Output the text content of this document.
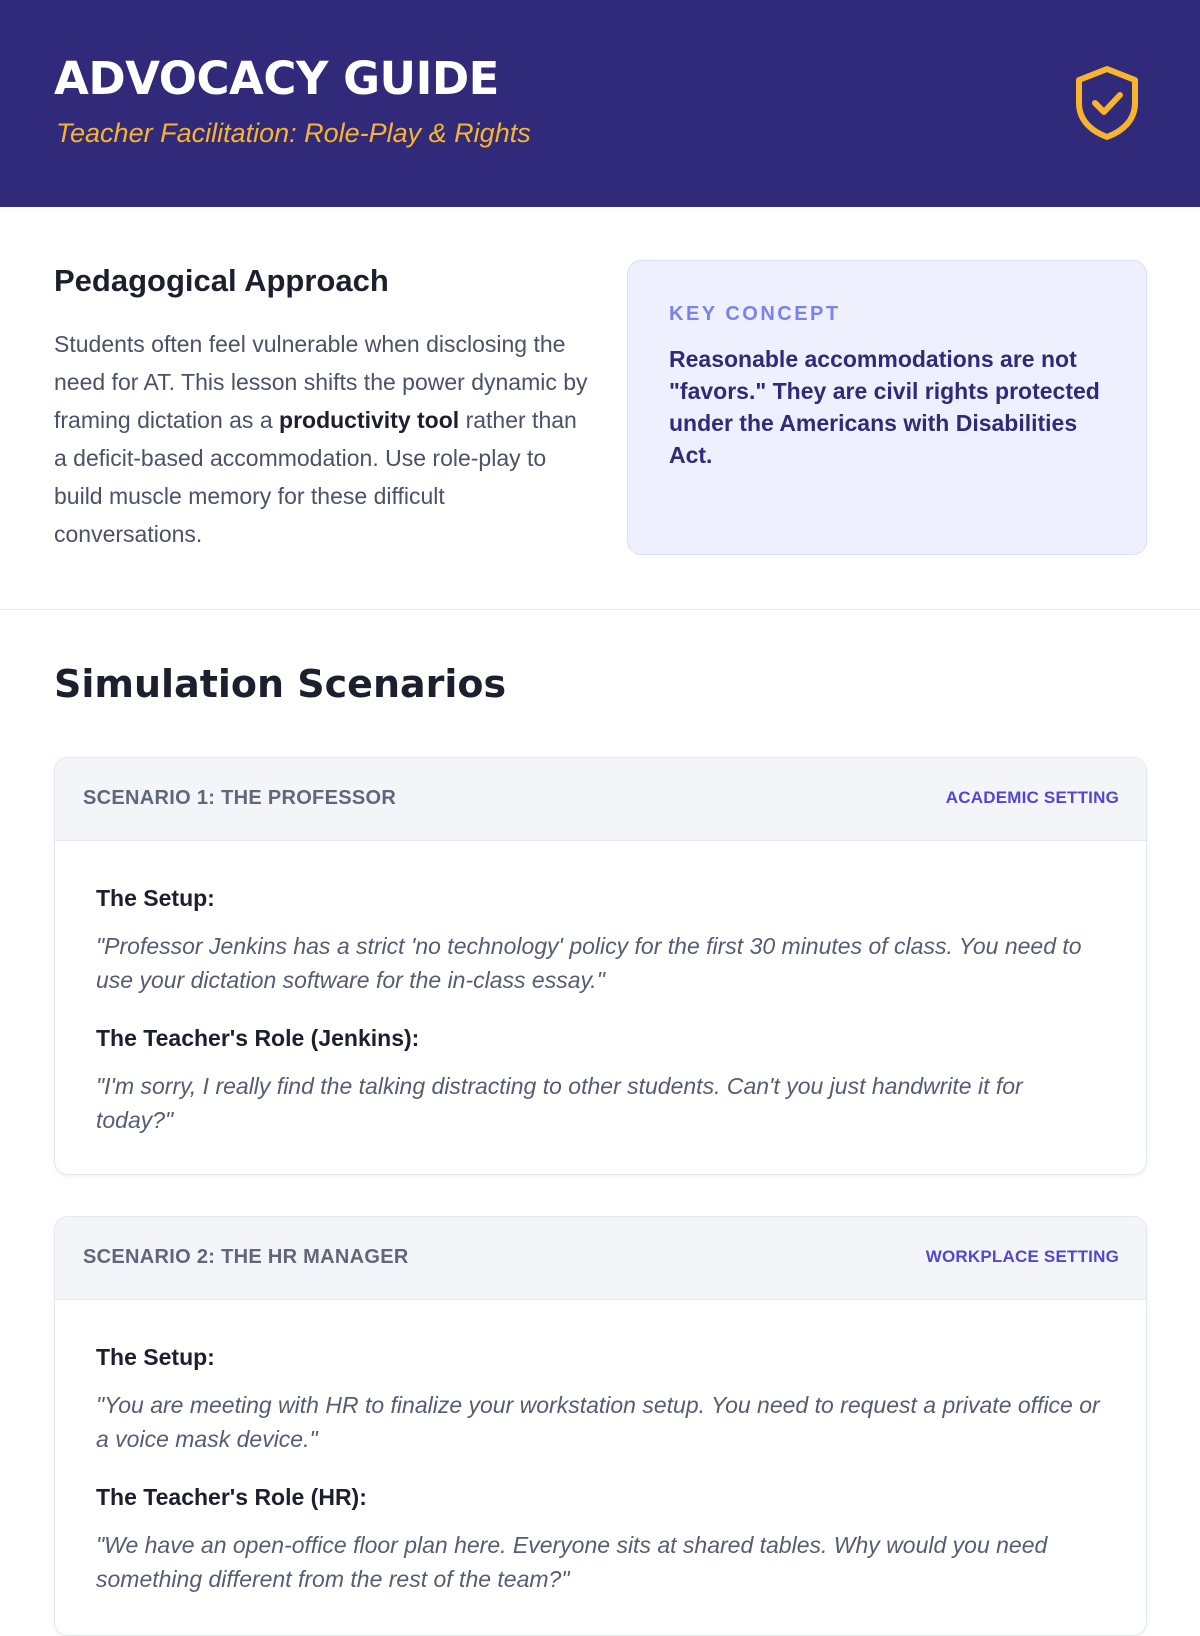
ADVOCACY GUIDE
Teacher Facilitation: Role-Play & Rights
Pedagogical Approach

Students often feel vulnerable when disclosing the need for AT. This lesson shifts the power dynamic by framing dictation as a productivity tool rather than a deficit-based accommodation. Use role-play to build muscle memory for these difficult conversations.

KEY CONCEPT

Reasonable accommodations are not "favors." They are civil rights protected under the Americans with Disabilities Act.

Simulation Scenarios
SCENARIO 1: THE PROFESSOR	ACADEMIC SETTING

The Setup:

"Professor Jenkins has a strict 'no technology' policy for the first 30 minutes of class. You need to use your dictation software for the in-class essay."

The Teacher's Role (Jenkins):

"I'm sorry, I really find the talking distracting to other students. Can't you just handwrite it for today?"

SCENARIO 2: THE HR MANAGER	WORKPLACE SETTING

The Setup:

"You are meeting with HR to finalize your workstation setup. You need to request a private office or a voice mask device."

The Teacher's Role (HR):

"We have an open-office floor plan here. Everyone sits at shared tables. Why would you need something different from the rest of the team?"
